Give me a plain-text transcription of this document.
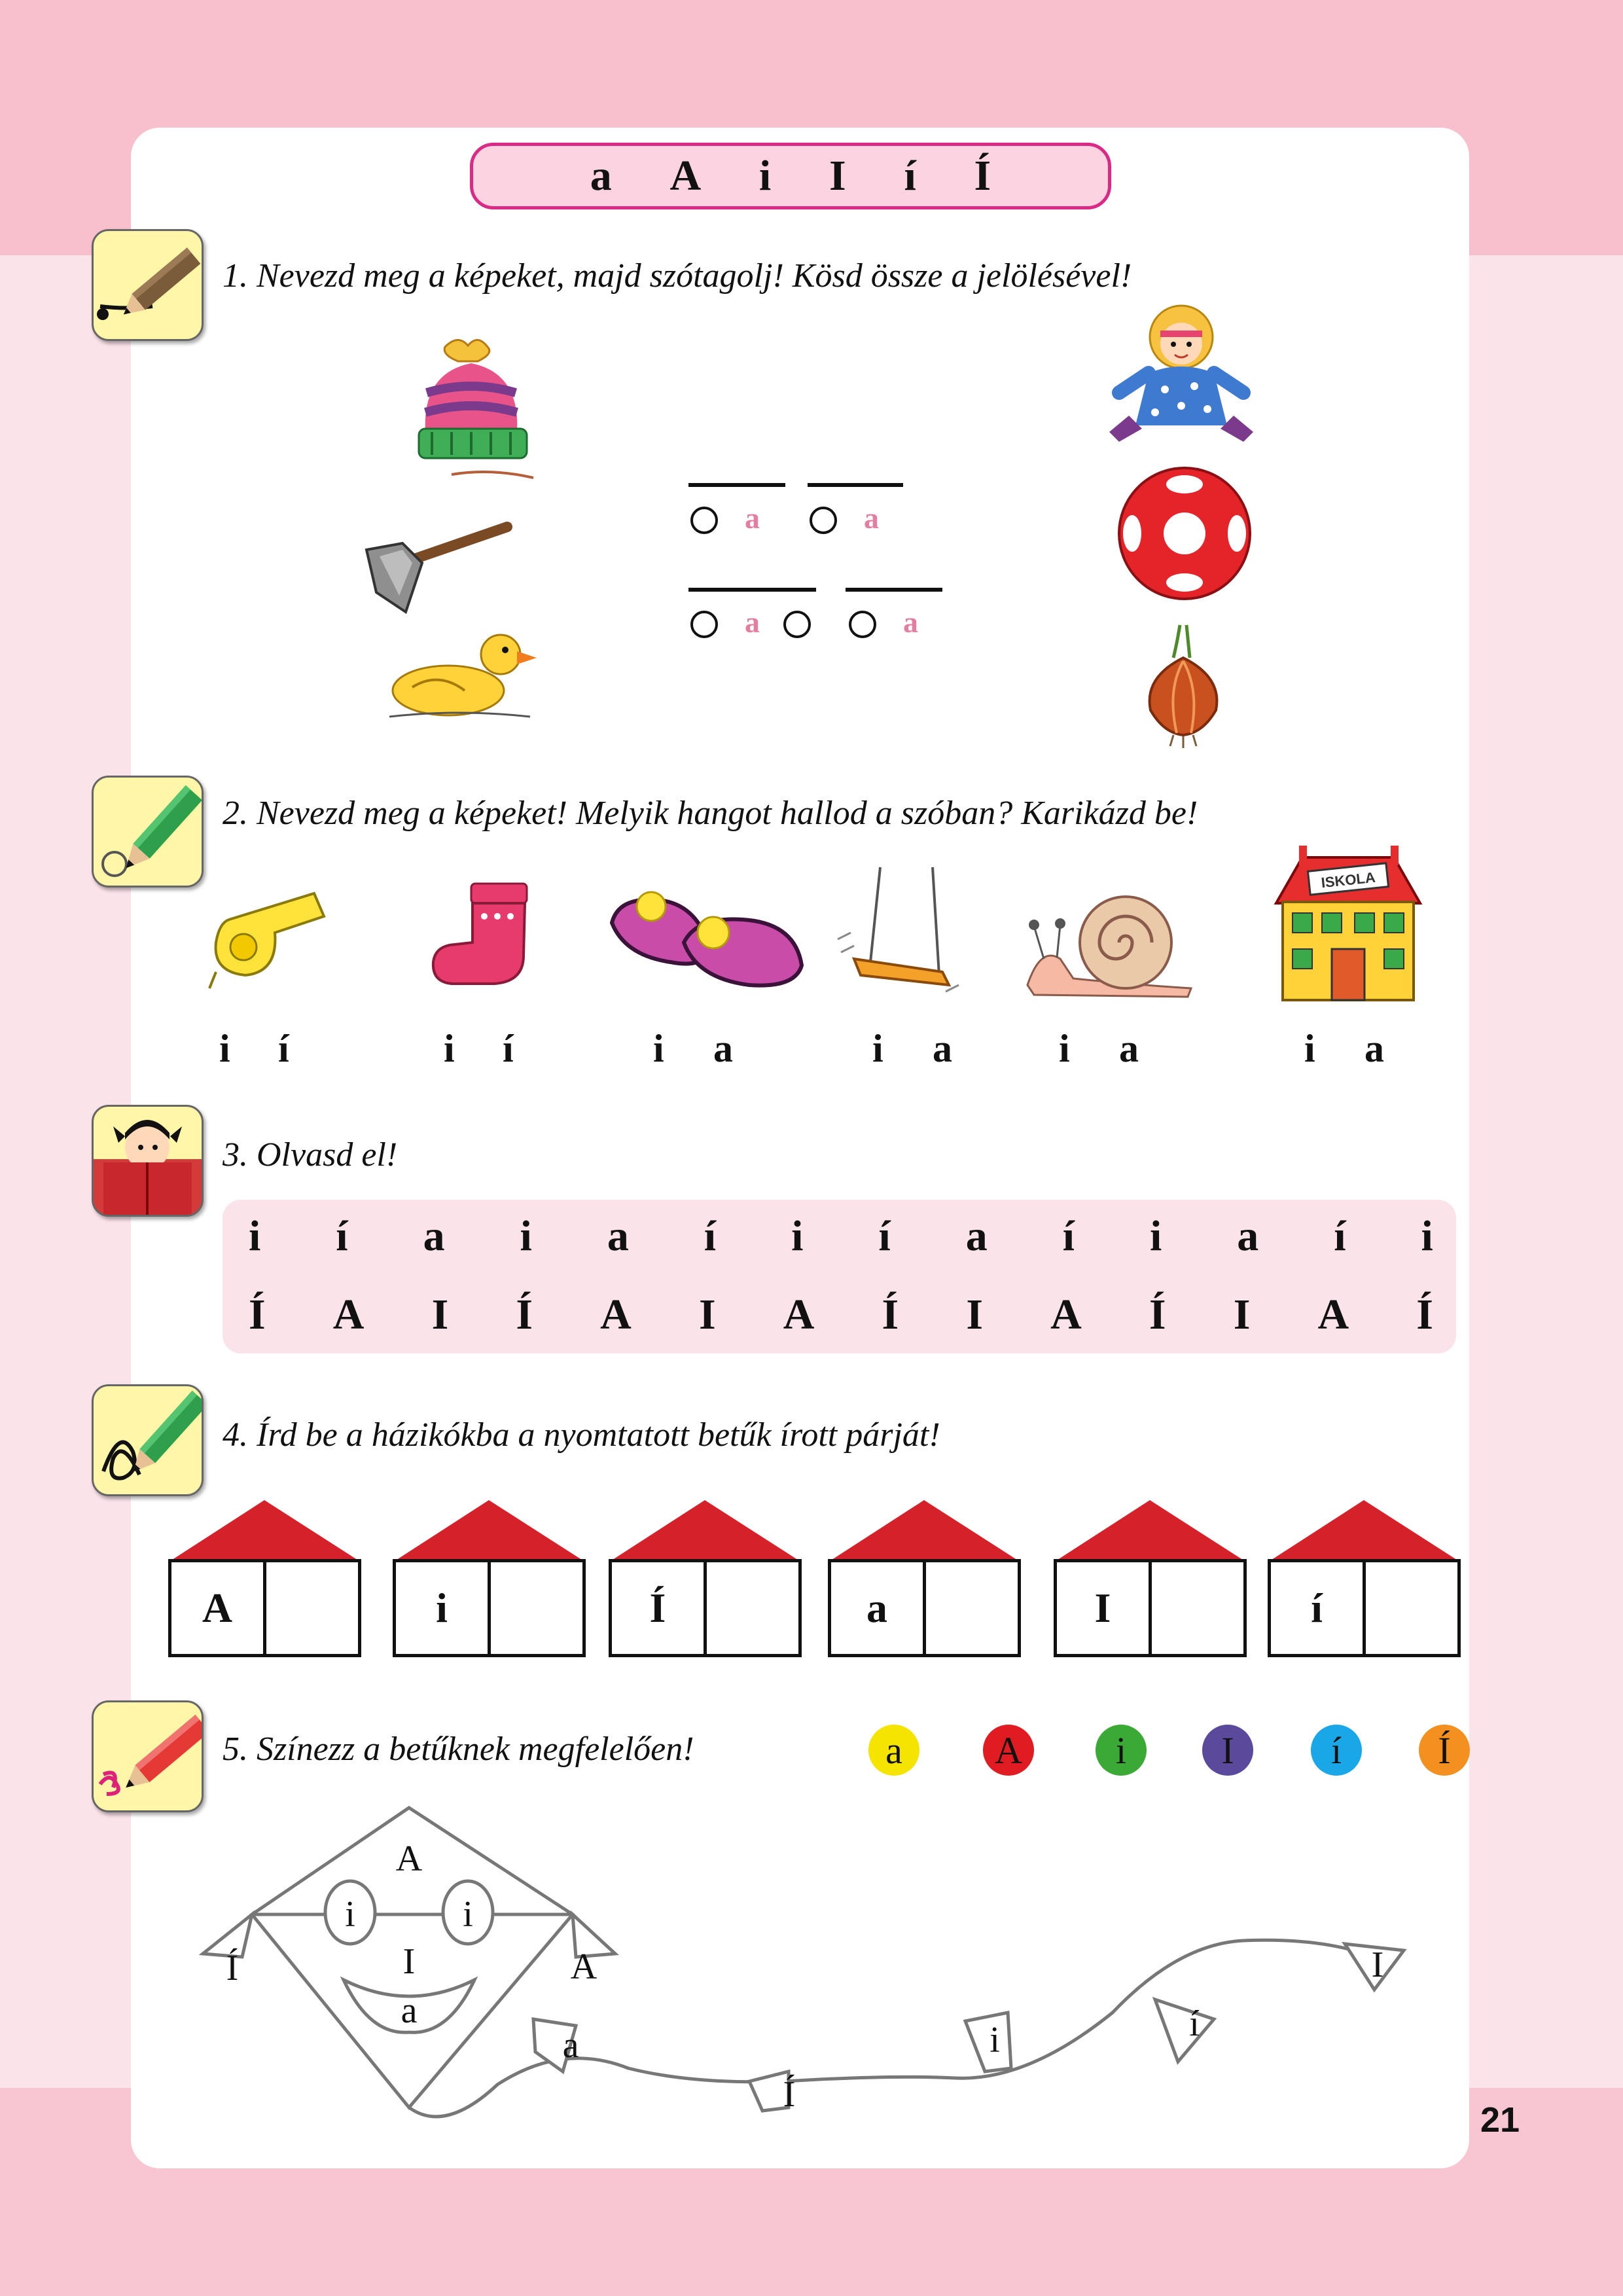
a A i I í Í
1. Nevezd meg a képeket, majd szótagolj! Kösd össze a jelölésével!
a	a
a	a
2. Nevezd meg a képeket! Melyik hangot hallod a szóban? Karikázd be!
ISKOLA
i í	i í	i a	i a	i a	i a
3. Olvasd el!
i í a i a í i í a í i a í i
Í A I Í A I A Í I A Í I A Í
4. Írd be a házikókba a nyomtatott betűk írott párját!
A	i	Í	a	I	í
5. Színezz a betűknek megfelelően!	a A i	I	í	Í
A
i	i
I
a
Í	A
a
Í
i	í
I
21
